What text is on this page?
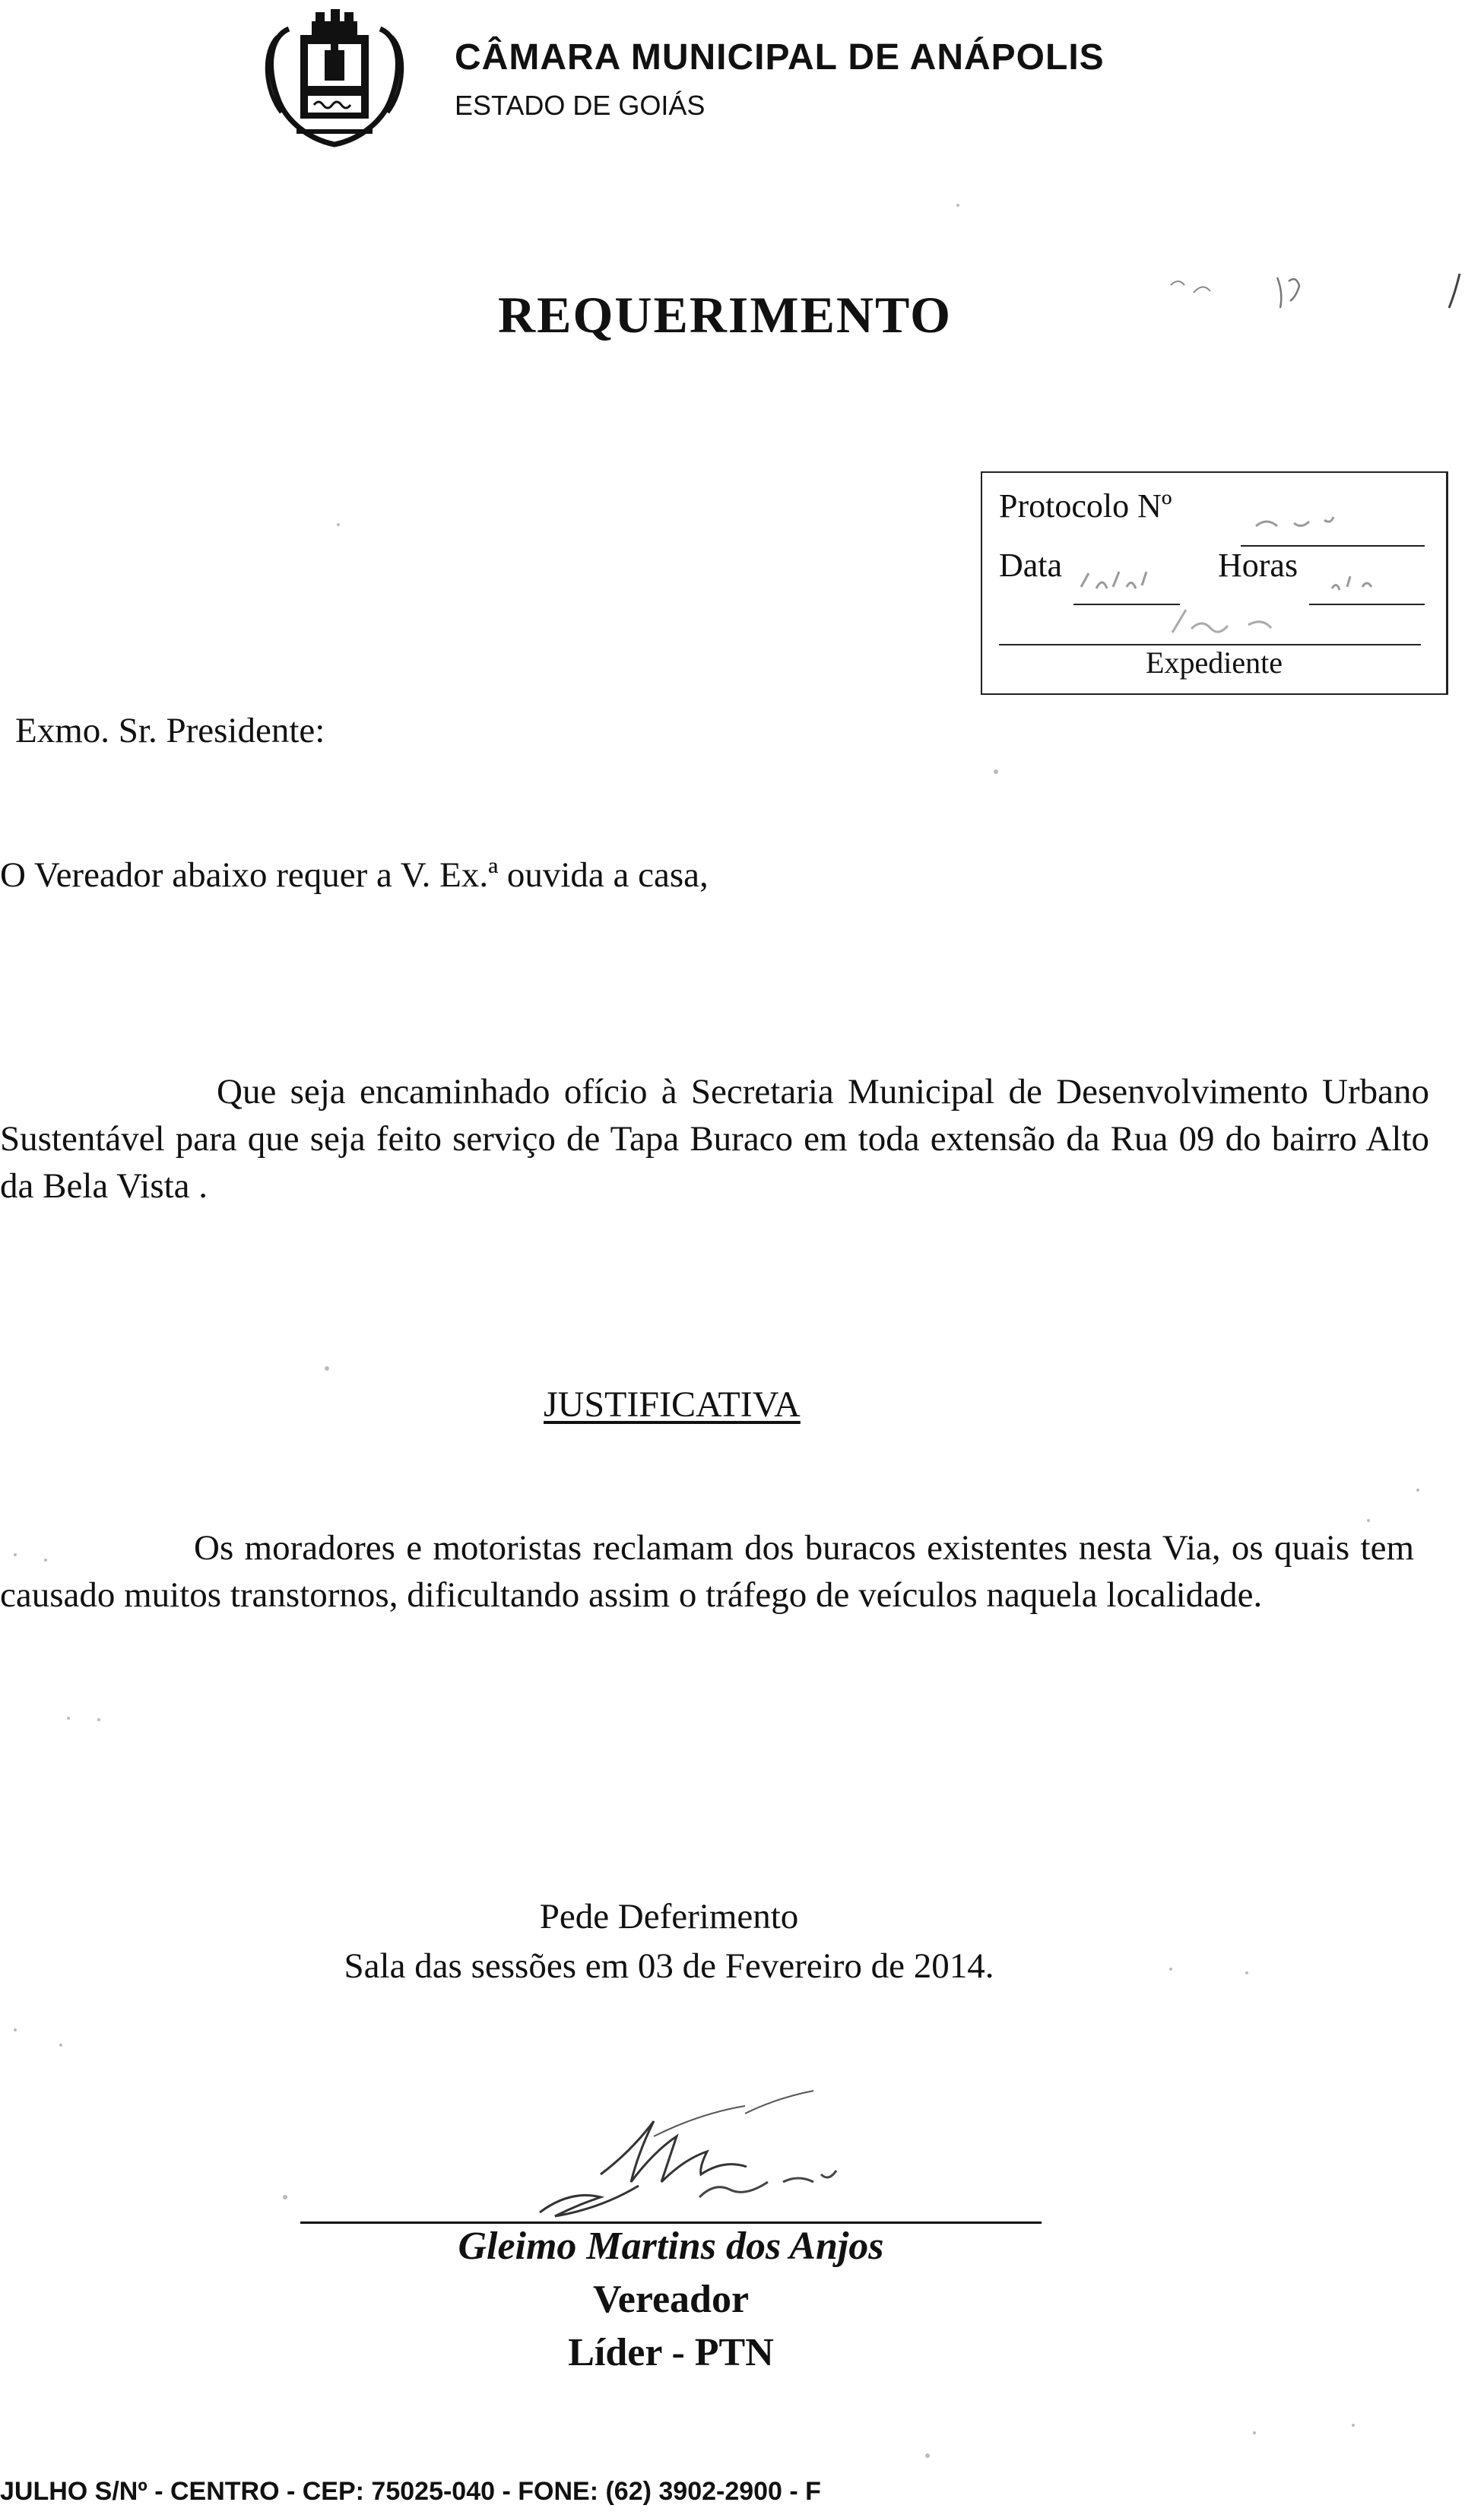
CÂMARA MUNICIPAL DE ANÁPOLIS
ESTADO DE GOIÁS
REQUERIMENTO
Protocolo Nº
Data	Horas
Expediente
Exmo. Sr. Presidente:
O Vereador abaixo requer a V. Ex.ª ouvida a casa,
Que seja encaminhado ofício à Secretaria Municipal de Desenvolvimento Urbano Sustentável para que seja feito serviço de Tapa Buraco em toda extensão da Rua 09 do bairro Alto da Bela Vista .
JUSTIFICATIVA
Os moradores e motoristas reclamam dos buracos existentes nesta Via, os quais tem causado muitos transtornos, dificultando assim o tráfego de veículos naquela localidade.
Pede Deferimento
Sala das sessões em 03 de Fevereiro de 2014.
Gleimo Martins dos Anjos
Vereador
Líder - PTN
JULHO S/Nº - CENTRO - CEP: 75025-040 - FONE: (62) 3902-2900 - F
